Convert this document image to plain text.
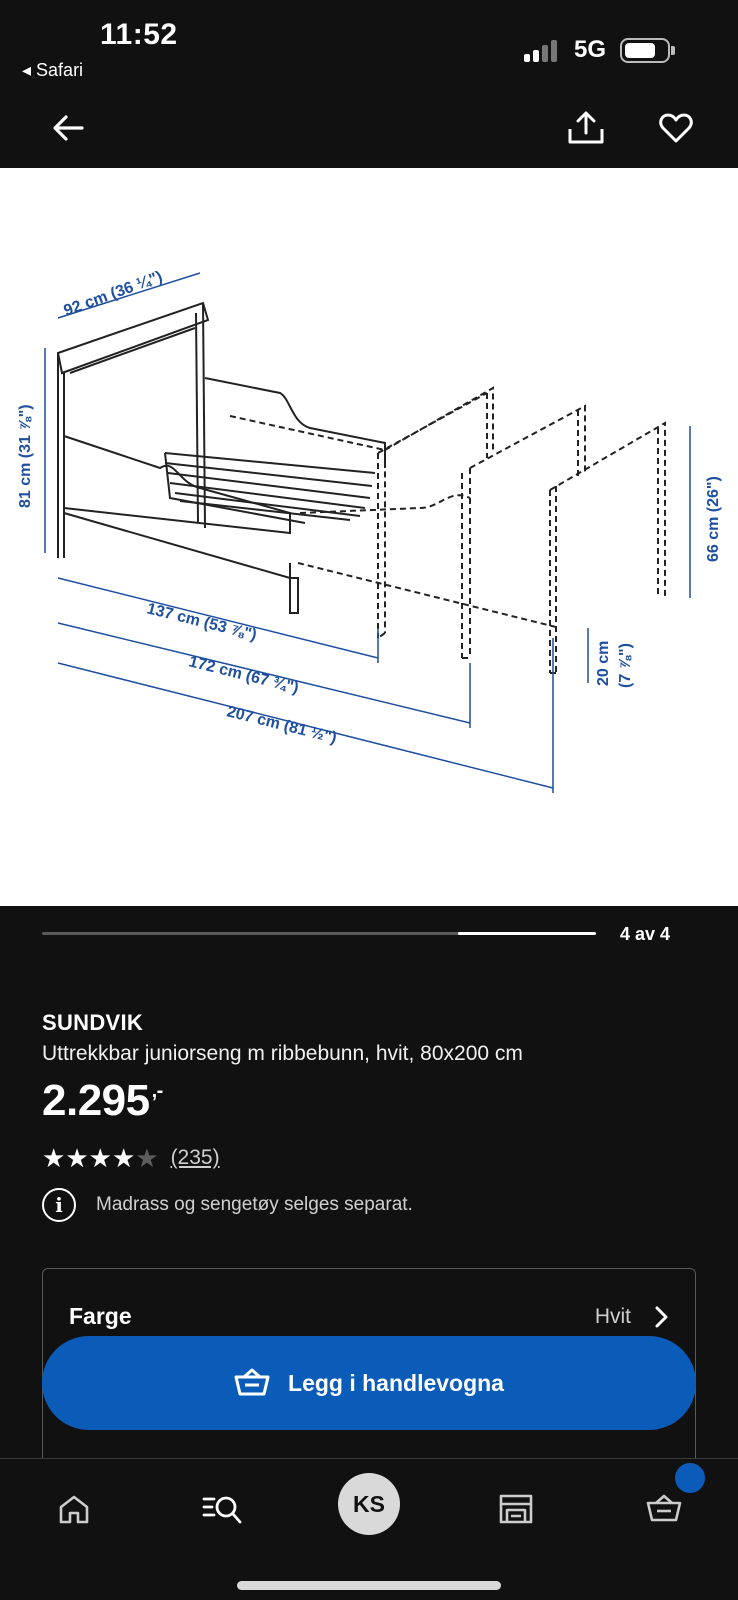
11:52
◂ Safari
5G
92 cm (36 ¼")
81 cm (31 ⅞")
137 cm (53 ⅞")
172 cm (67 ¾")
207 cm (81 ½")
66 cm (26")
20 cm (7 ⅞")
4 av 4
SUNDVIK
Uttrekkbar juniorseng m ribbebunn, hvit, 80x200 cm
2.295 ,-
★★★★★ (235)
i	Madrass og sengetøy selges separat.
Farge	Hvit
Legg i handlevogna
KS
